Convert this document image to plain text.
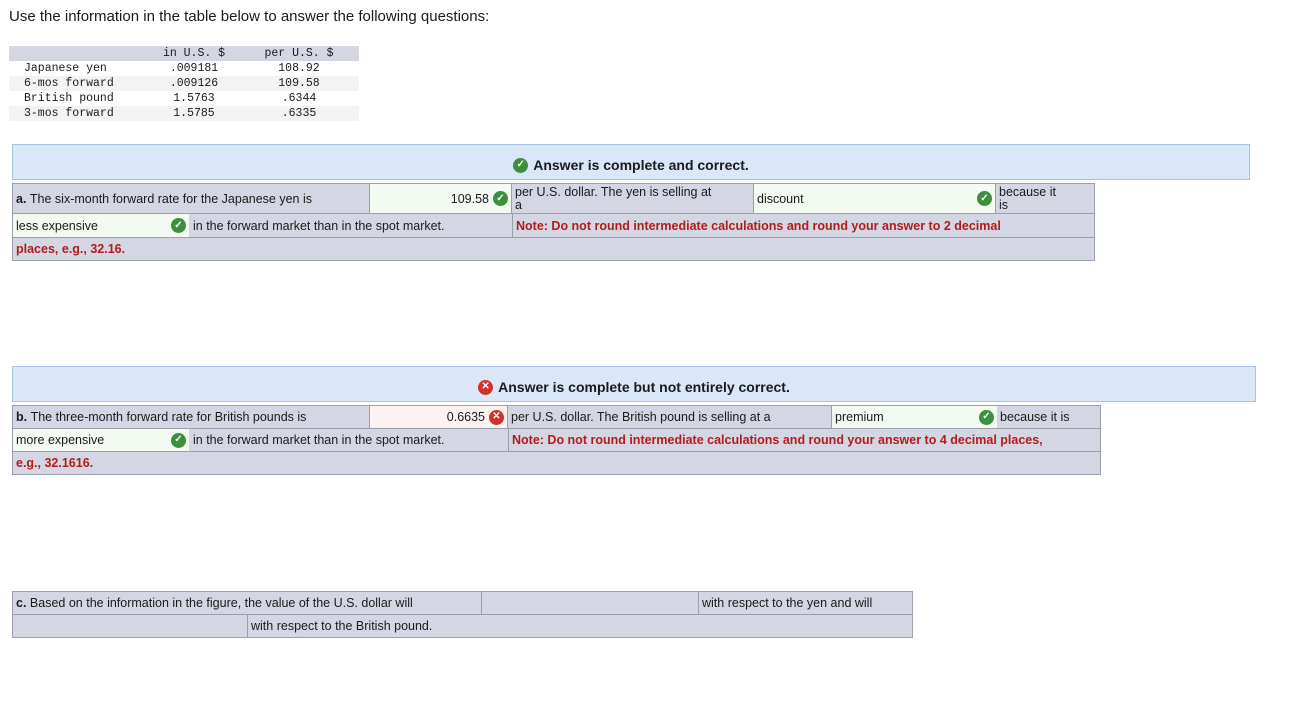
Use the information in the table below to answer the following questions:
in U.S. $	per U.S. $
Japanese yen	.009181	108.92
6-mos forward	.009126	109.58
British pound	1.5763	.6344
3-mos forward	1.5785	.6335
✓ Answer is complete and correct.
a.
The six-month forward rate for the Japanese yen is	109.58 ✓ per U.S. dollar. The yen is selling at
a	discount	✓ because it
is
less expensive	✓ in the forward market than in the spot market.	Note: Do not round intermediate calculations and round your answer to 2 decimal
places, e.g., 32.16.
✕ Answer is complete but not entirely correct.
b.
The three-month forward rate for British pounds is	0.6635 ✕ per U.S. dollar. The British pound is selling at a	premium	✓ because it is
more expensive	✓ in the forward market than in the spot market.	Note: Do not round intermediate calculations and round your answer to 4 decimal places,
e.g., 32.1616.
c.
Based on the information in the figure, the value of the U.S. dollar will	with respect to the yen and will
with respect to the British pound.
